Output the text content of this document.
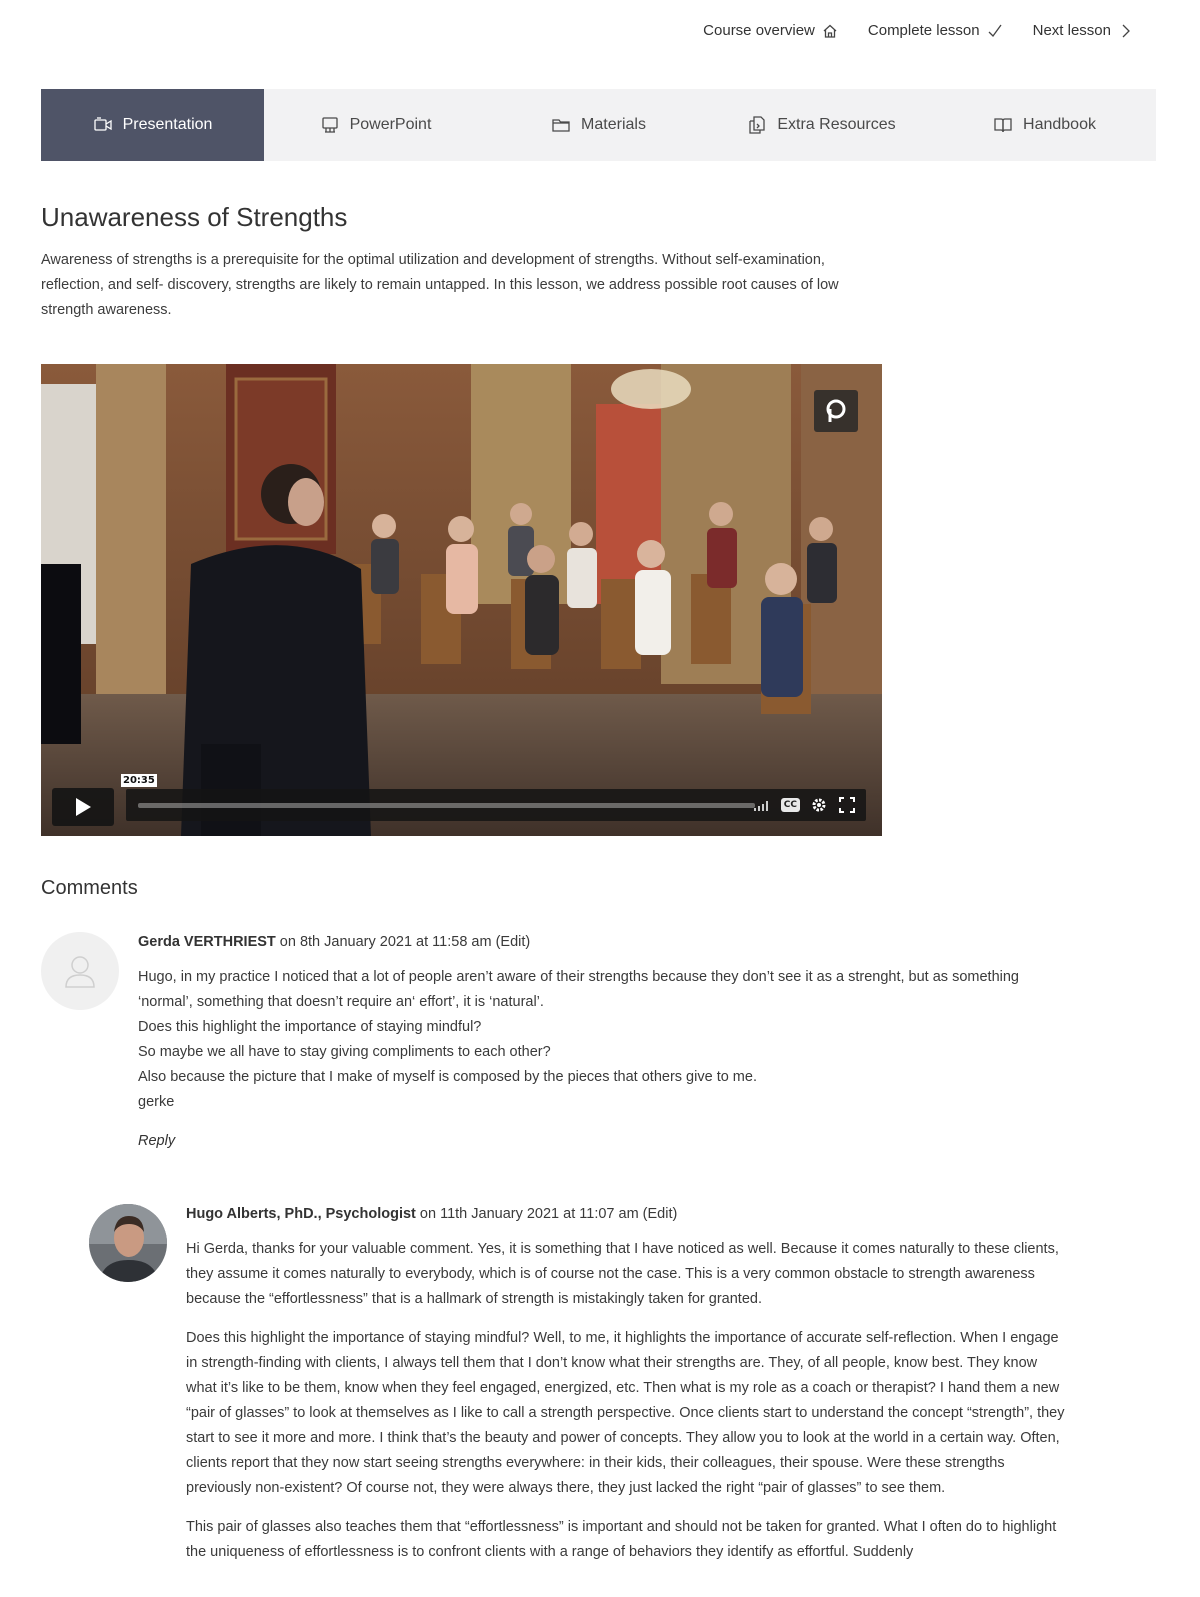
Course overview	Complete lesson	Next lesson
Presentation	PowerPoint	Materials	Extra Resources	Handbook
Unawareness of Strengths

Awareness of strengths is a prerequisite for the optimal utilization and development of strengths. Without self-examination, reflection, and self- discovery, strengths are likely to remain untapped. In this lesson, we address possible root causes of low strength awareness.

CC
20:35
Comments
Gerda VERTHRIEST on 8th January 2021 at 11:58 am (Edit)

Hugo, in my practice I noticed that a lot of people aren’t aware of their strengths because they don’t see it as a strenght, but as something ‘normal’, something that doesn’t require an‘ effort’, it is ‘natural’.

Does this highlight the importance of staying mindful?

So maybe we all have to stay giving compliments to each other?

Also because the picture that I make of myself is composed by the pieces that others give to me.

gerke

Reply
Hugo Alberts, PhD., Psychologist on 11th January 2021 at 11:07 am (Edit)

Hi Gerda, thanks for your valuable comment. Yes, it is something that I have noticed as well. Because it comes naturally to these clients, they assume it comes naturally to everybody, which is of course not the case. This is a very common obstacle to strength awareness because the “effortlessness” that is a hallmark of strength is mistakingly taken for granted.

Does this highlight the importance of staying mindful? Well, to me, it highlights the importance of accurate self-reflection. When I engage in strength-finding with clients, I always tell them that I don’t know what their strengths are. They, of all people, know best. They know what it’s like to be them, know when they feel engaged, energized, etc. Then what is my role as a coach or therapist? I hand them a new “pair of glasses” to look at themselves as I like to call a strength perspective. Once clients start to understand the concept “strength”, they start to see it more and more. I think that’s the beauty and power of concepts. They allow you to look at the world in a certain way. Often, clients report that they now start seeing strengths everywhere: in their kids, their colleagues, their spouse. Were these strengths previously non-existent? Of course not, they were always there, they just lacked the right “pair of glasses” to see them.

This pair of glasses also teaches them that “effortlessness” is important and should not be taken for granted. What I often do to highlight the uniqueness of effortlessness is to confront clients with a range of behaviors they identify as effortful. Suddenly
